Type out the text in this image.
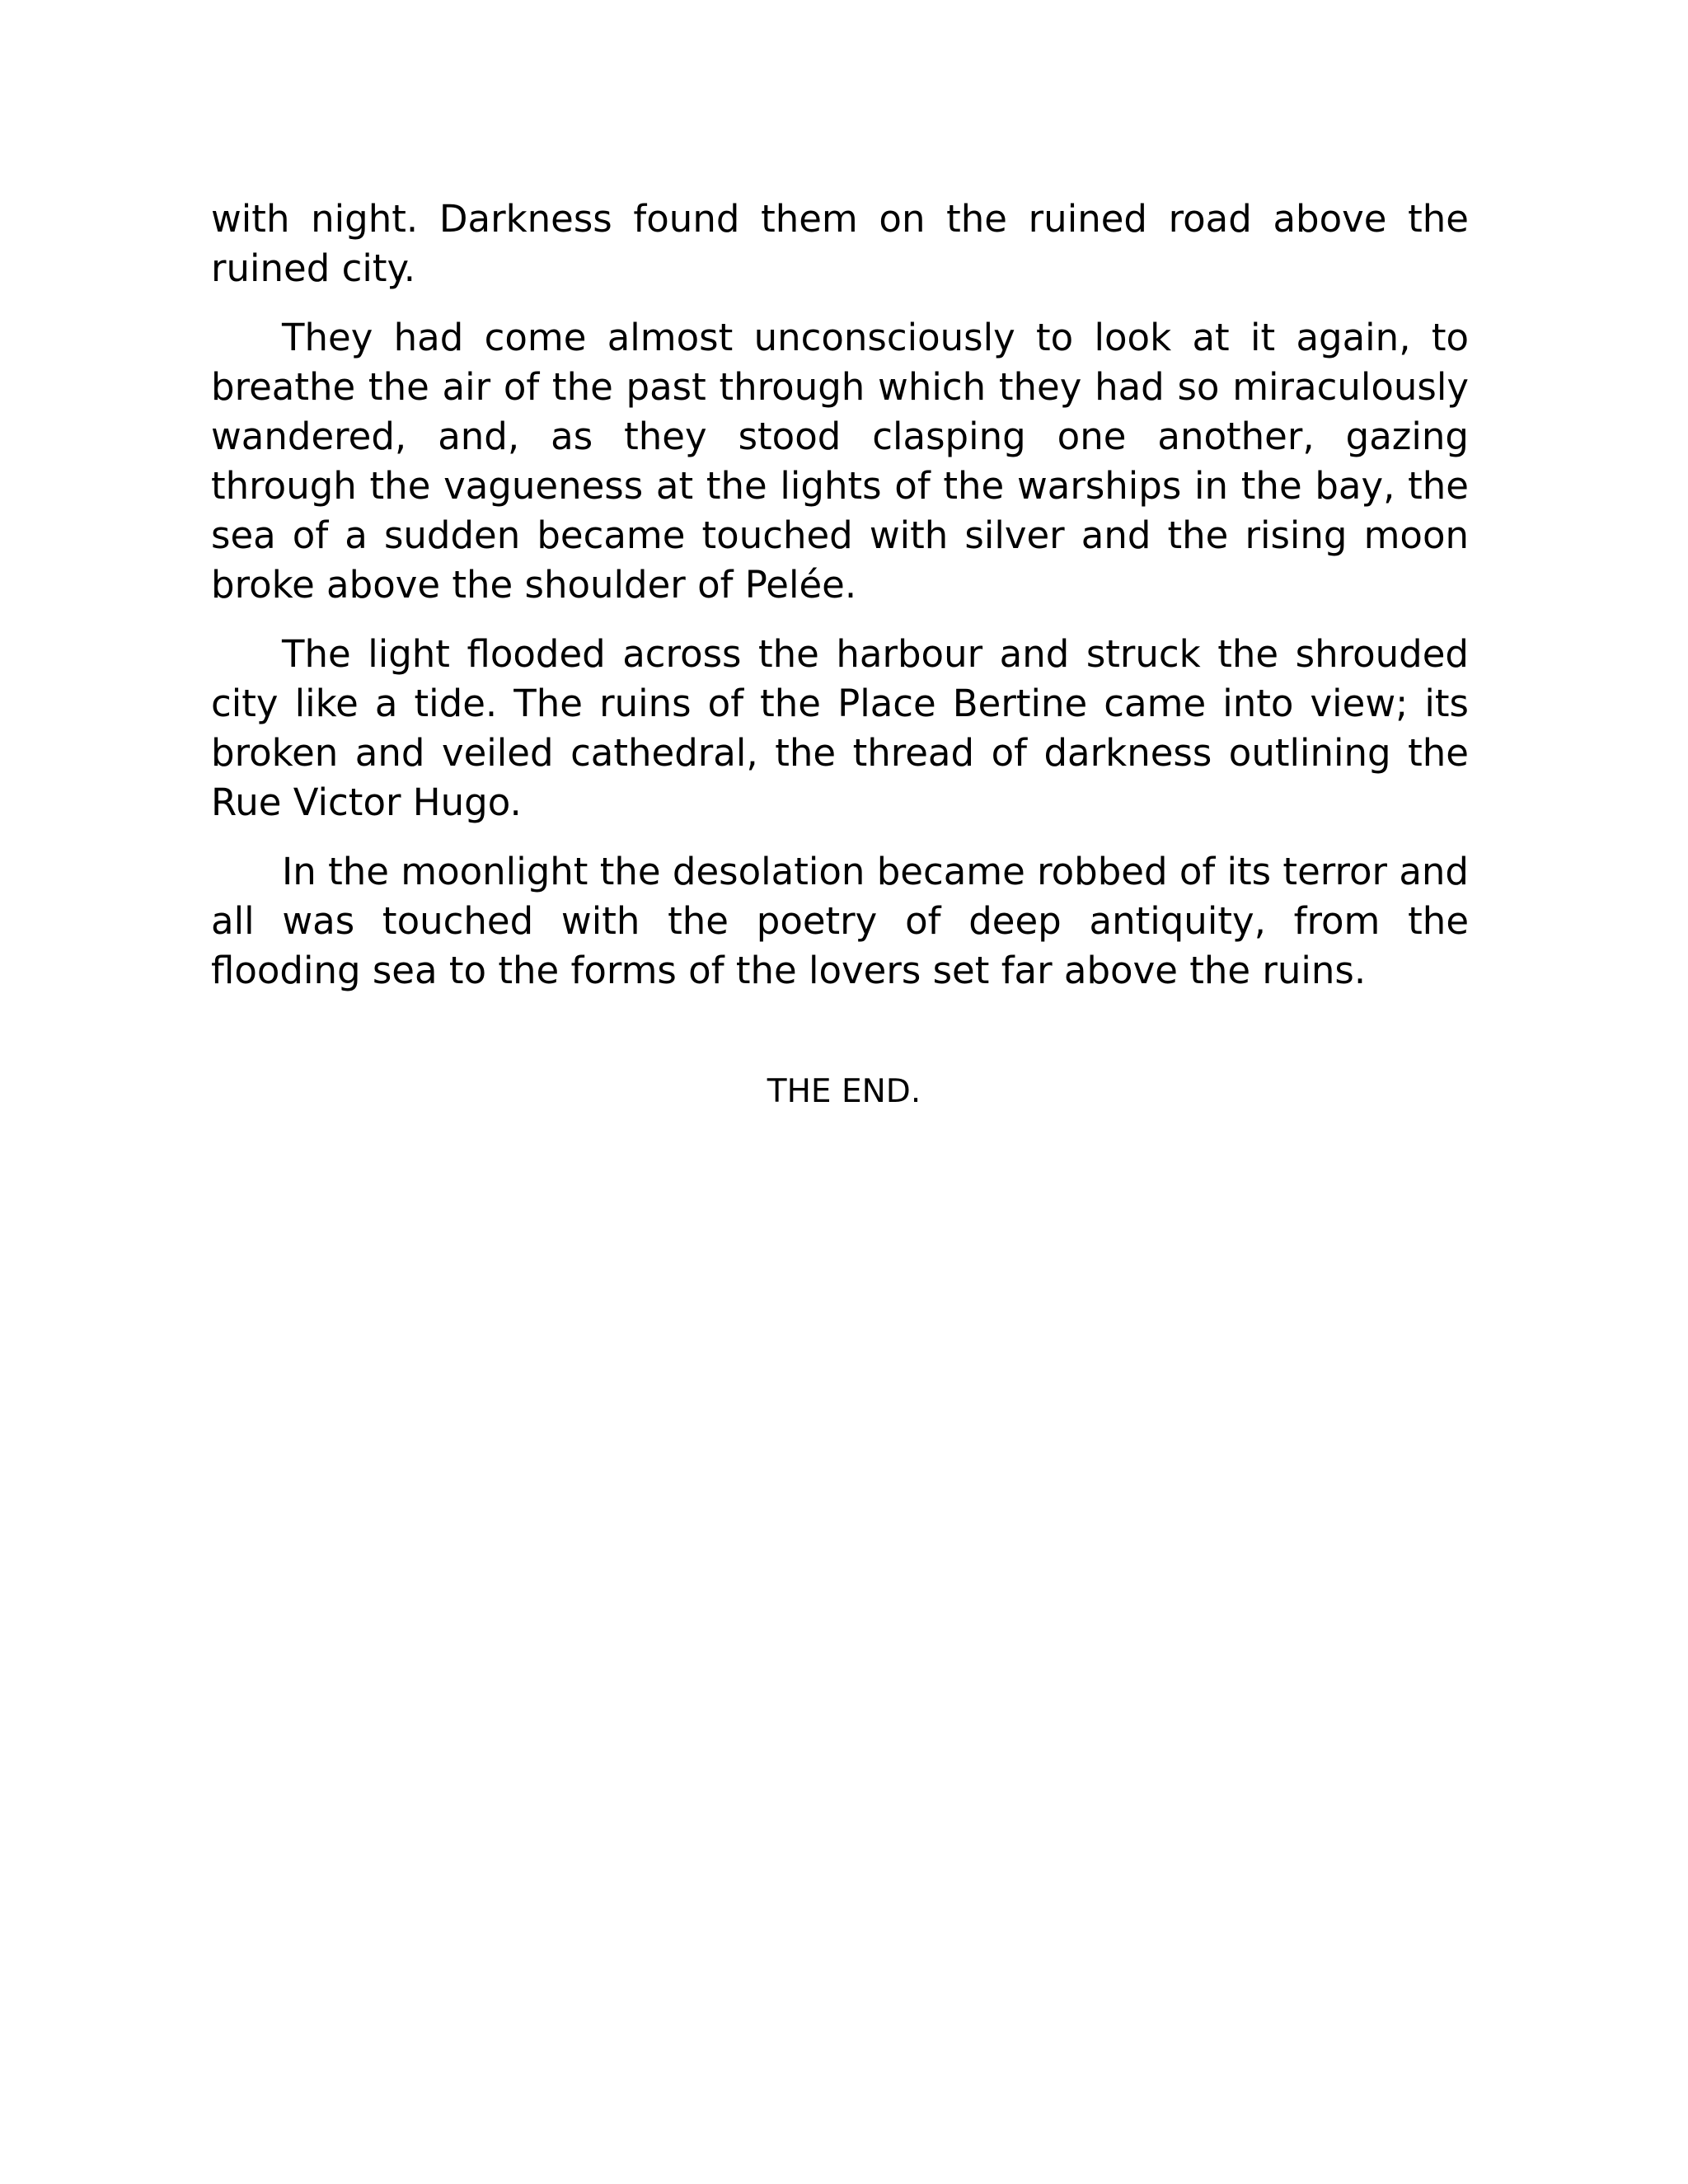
with night. Darkness found them on the ruined road above the ruined city.

They had come almost unconsciously to look at it again, to breathe the air of the past through which they had so miraculously wandered, and, as they stood clasping one another, gazing through the vagueness at the lights of the warships in the bay, the sea of a sudden became touched with silver and the rising moon broke above the shoulder of Pelée.

The light flooded across the harbour and struck the shrouded city like a tide. The ruins of the Place Bertine came into view; its broken and veiled cathedral, the thread of darkness outlining the Rue Victor Hugo.

In the moonlight the desolation became robbed of its terror and all was touched with the poetry of deep antiquity, from the flooding sea to the forms of the lovers set far above the ruins.

THE END.
